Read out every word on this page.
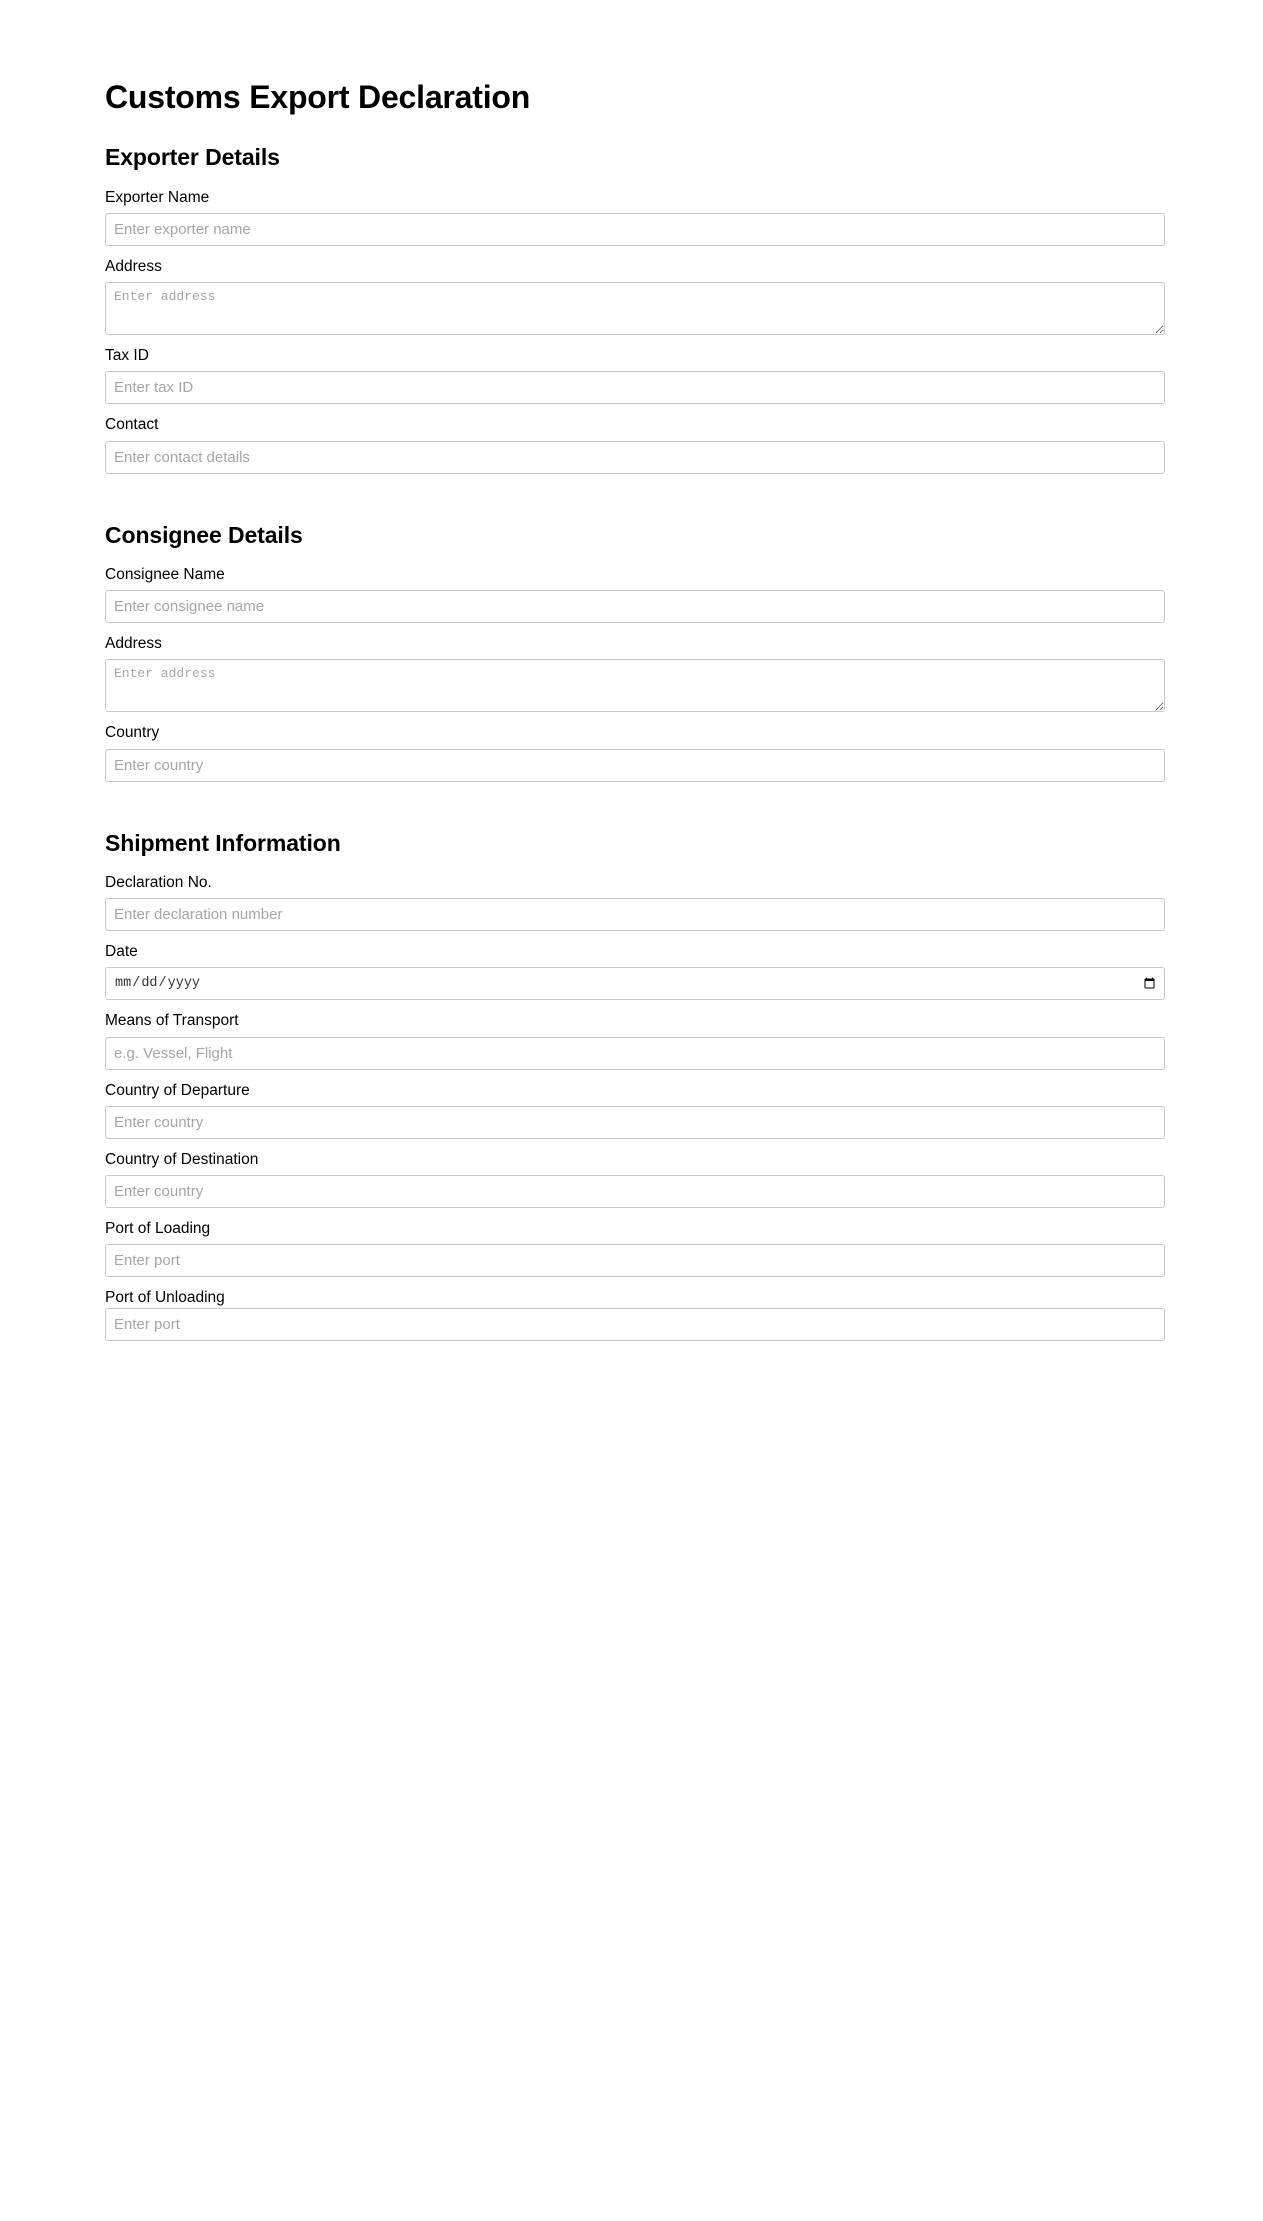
Customs Export Declaration
Exporter Details
Exporter Name
Enter exporter name
Address
Enter address
Tax ID
Enter tax ID
Contact
Enter contact details
Consignee Details
Consignee Name
Enter consignee name
Address
Enter address
Country
Enter country
Shipment Information
Declaration No.
Enter declaration number
Date
Means of Transport
e.g. Vessel, Flight
Country of Departure
Enter country
Country of Destination
Enter country
Port of Loading
Enter port
Port of Unloading
Enter port
